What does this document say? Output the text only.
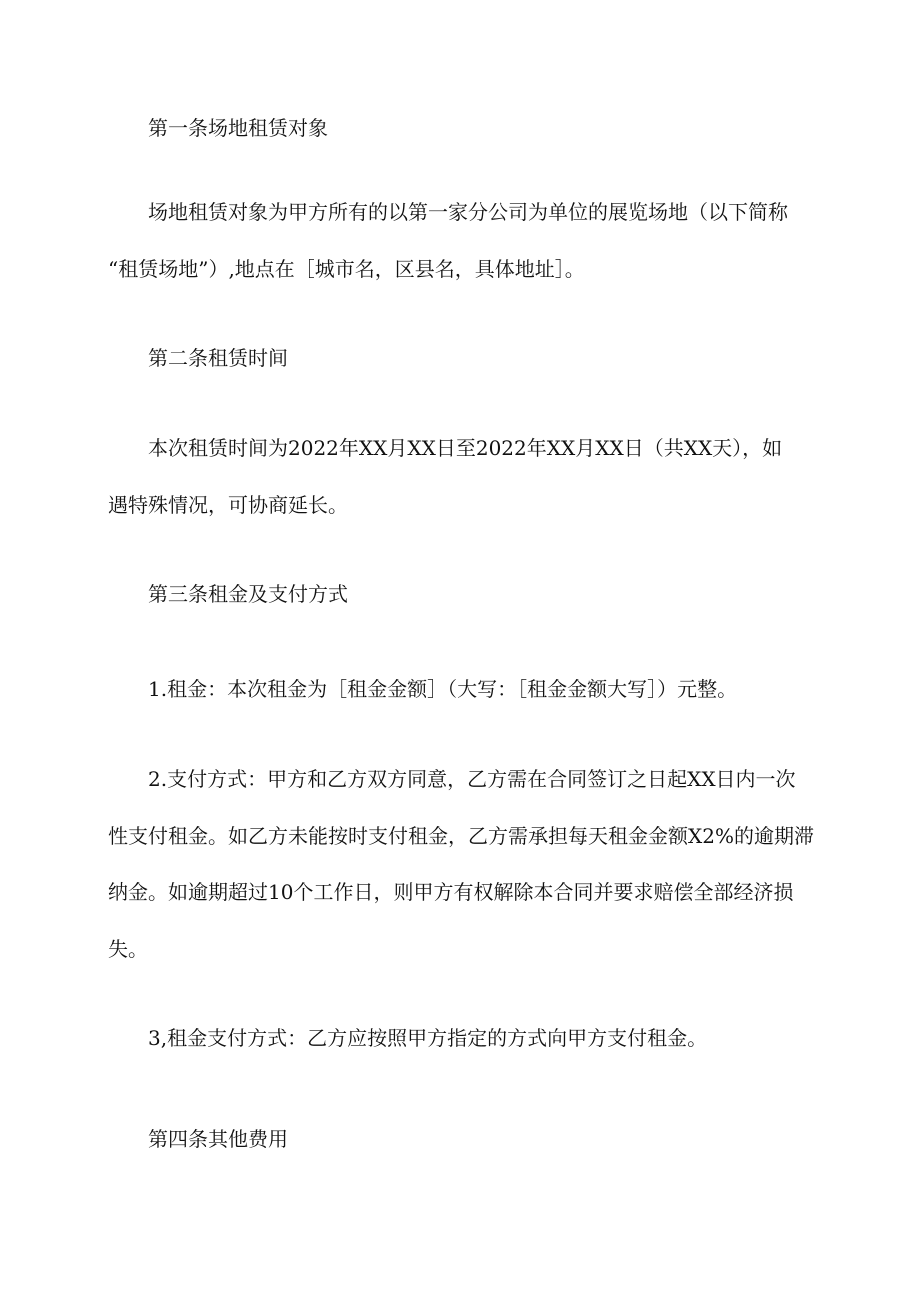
第一条场地租赁对象
场地租赁对象为甲方所有的以第一家分公司为单位的展览场地（以下简称
“租赁场地”）,地点在［城市名，区县名，具体地址］。
第二条租赁时间
本次租赁时间为2022年XX月XX日至2022年XX月XX日（共XX天），如
遇特殊情况，可协商延长。
第三条租金及支付方式
1.租金：本次租金为［租金金额］（大写：［租金金额大写］）元整。
2.支付方式：甲方和乙方双方同意，乙方需在合同签订之日起XX日内一次
性支付租金。如乙方未能按时支付租金，乙方需承担每天租金金额X2%的逾期滞
纳金。如逾期超过10个工作日，则甲方有权解除本合同并要求赔偿全部经济损
失。
3,租金支付方式：乙方应按照甲方指定的方式向甲方支付租金。
第四条其他费用
